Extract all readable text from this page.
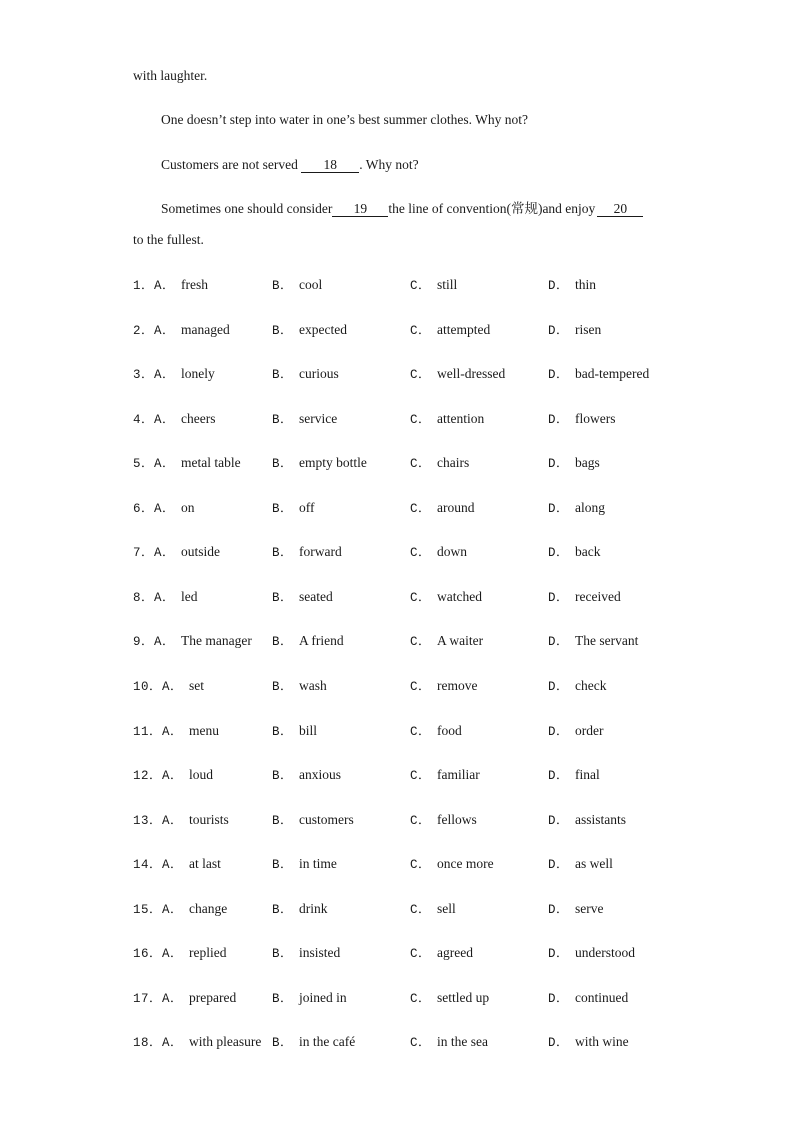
with laughter.
One doesn’t step into water in one’s best summer clothes. Why not?
Customers are not served 18 . Why not?
Sometimes one should consider 19 the line of convention(常规)and enjoy 20
to the fullest.
1．A． fresh	B． cool	C． still	D． thin
2．A． managed	B． expected	C． attempted	D． risen
3．A． lonely	B． curious	C． well-dressed	D． bad-tempered
4．A． cheers	B． service	C． attention	D． flowers
5．A． metal table	B． empty bottle	C． chairs	D． bags
6．A． on	B． off	C． around	D． along
7．A． outside	B． forward	C． down	D． back
8．A． led	B． seated	C． watched	D． received
9．A． The manager B． A friend	C． A waiter	D． The servant
10．A． set	B． wash	C． remove	D． check
11．A． menu	B． bill	C． food	D． order
12．A． loud	B． anxious	C． familiar	D． final
13．A． tourists	B． customers	C． fellows	D． assistants
14．A． at last	B． in time	C． once more	D． as well
15．A． change	B． drink	C． sell	D． serve
16．A． replied	B． insisted	C． agreed	D． understood
17．A． prepared	B． joined in	C． settled up	D． continued
18．A． with pleasure B． in the café	C． in the sea	D． with wine
